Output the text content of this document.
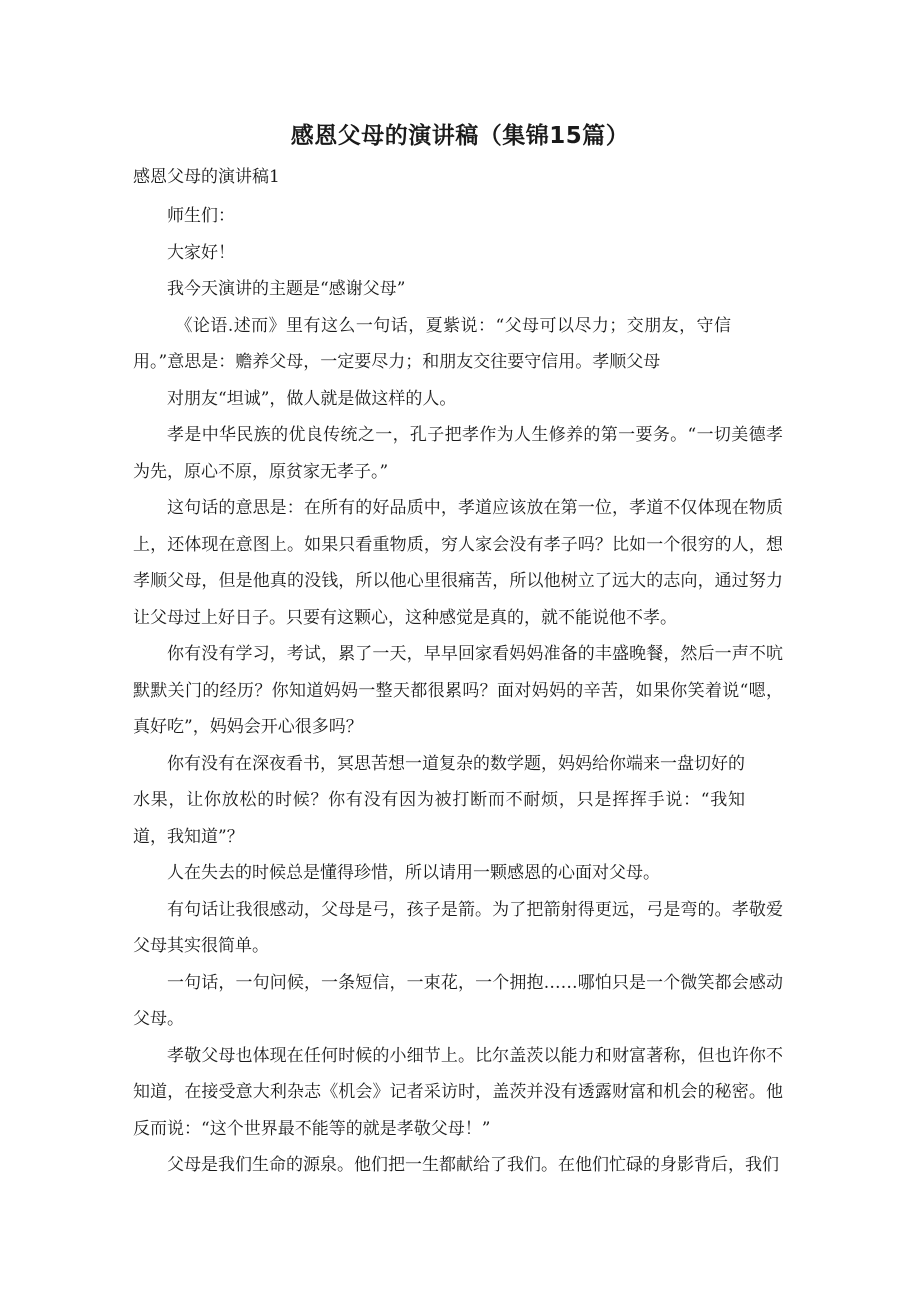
感恩父母的演讲稿（集锦15篇）
感恩父母的演讲稿1

师生们：

大家好！

我今天演讲的主题是“感谢父母”

《论语.述而》里有这么一句话，夏紫说：“父母可以尽力；交朋友，守信用。”意思是：赡养父母，一定要尽力；和朋友交往要守信用。孝顺父母

对朋友“坦诚”，做人就是做这样的人。

孝是中华民族的优良传统之一，孔子把孝作为人生修养的第一要务。“一切美德孝为先，原心不原，原贫家无孝子。”

这句话的意思是：在所有的好品质中，孝道应该放在第一位，孝道不仅体现在物质上，还体现在意图上。如果只看重物质，穷人家会没有孝子吗？比如一个很穷的人，想孝顺父母，但是他真的没钱，所以他心里很痛苦，所以他树立了远大的志向，通过努力让父母过上好日子。只要有这颗心，这种感觉是真的，就不能说他不孝。

你有没有学习，考试，累了一天，早早回家看妈妈准备的丰盛晚餐，然后一声不吭默默关门的经历？你知道妈妈一整天都很累吗？面对妈妈的辛苦，如果你笑着说“嗯，真好吃”，妈妈会开心很多吗？

你有没有在深夜看书，冥思苦想一道复杂的数学题，妈妈给你端来一盘切好的水果，让你放松的时候？你有没有因为被打断而不耐烦，只是挥挥手说：“我知道，我知道”？

人在失去的时候总是懂得珍惜，所以请用一颗感恩的心面对父母。

有句话让我很感动，父母是弓，孩子是箭。为了把箭射得更远，弓是弯的。孝敬爱父母其实很简单。

一句话，一句问候，一条短信，一束花，一个拥抱……哪怕只是一个微笑都会感动父母。

孝敬父母也体现在任何时候的小细节上。比尔盖茨以能力和财富著称，但也许你不知道，在接受意大利杂志《机会》记者采访时，盖茨并没有透露财富和机会的秘密。他反而说：“这个世界最不能等的就是孝敬父母！”

父母是我们生命的源泉。他们把一生都献给了我们。在他们忙碌的身影背后，我们
